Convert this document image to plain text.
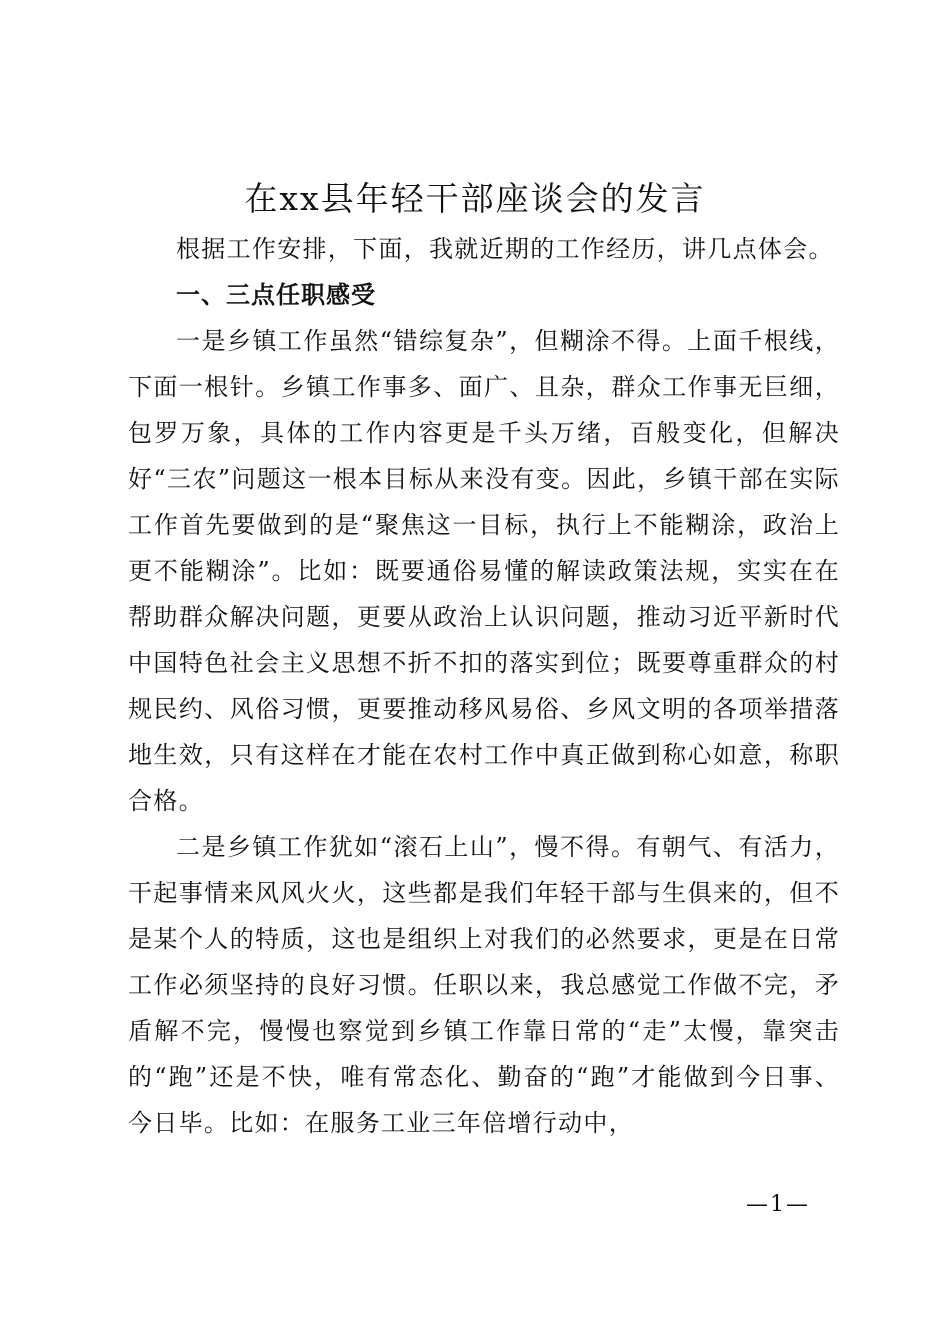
在xx县年轻干部座谈会的发言

根据工作安排，下面，我就近期的工作经历，讲几点体会。

一、三点任职感受

一是乡镇工作虽然“错综复杂”，但糊涂不得。上面千根线，下面一根针。乡镇工作事多、面广、且杂，群众工作事无巨细，包罗万象，具体的工作内容更是千头万绪，百般变化，但解决好“三农”问题这一根本目标从来没有变。因此，乡镇干部在实际工作首先要做到的是“聚焦这一目标，执行上不能糊涂，政治上更不能糊涂”。比如：既要通俗易懂的解读政策法规，实实在在帮助群众解决问题，更要从政治上认识问题，推动习近平新时代中国特色社会主义思想不折不扣的落实到位；既要尊重群众的村规民约、风俗习惯，更要推动移风易俗、乡风文明的各项举措落地生效，只有这样在才能在农村工作中真正做到称心如意，称职合格。

二是乡镇工作犹如“滚石上山”，慢不得。有朝气、有活力，干起事情来风风火火，这些都是我们年轻干部与生俱来的，但不是某个人的特质，这也是组织上对我们的必然要求，更是在日常工作必须坚持的良好习惯。任职以来，我总感觉工作做不完，矛盾解不完，慢慢也察觉到乡镇工作靠日常的“走”太慢，靠突击的“跑”还是不快，唯有常态化、勤奋的“跑”才能做到今日事、今日毕。比如：在服务工业三年倍增行动中，

—1—
